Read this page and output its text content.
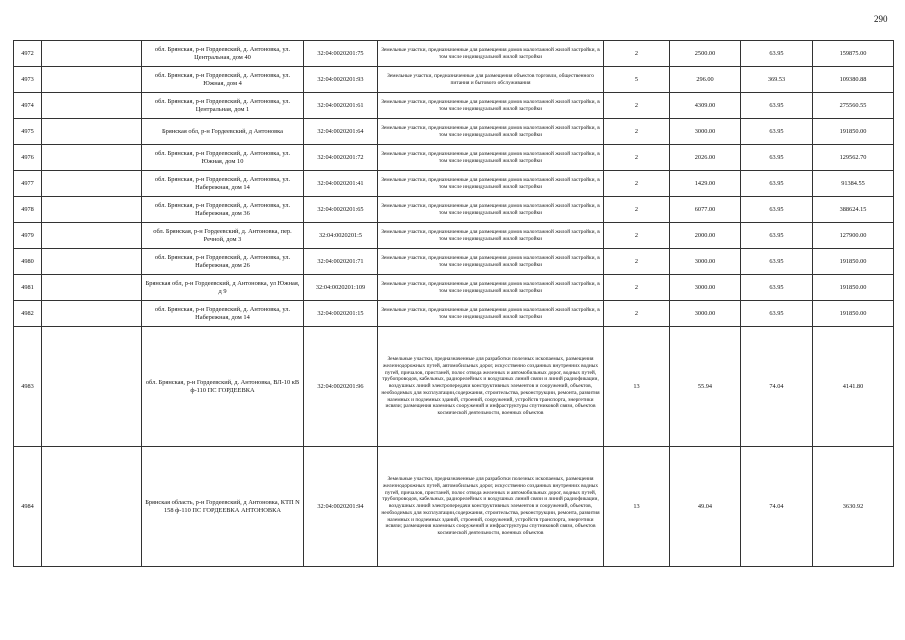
290
4972		обл. Брянская, р-н Гордеевский, д. Антоновка, ул. Центральная, дом 40	32:04:0020201:75	Земельные участки, предназначенные для размещения домов малоэтажной жилой застройки, в том числе индивидуальной жилой застройки	2	2500.00	63.95	159875.00
4973		обл. Брянская, р-н Гордеевский, д. Антоновка, ул. Южная, дом 4	32:04:0020201:93	Земельные участки, предназначенные для размещения объектов торговли, общественного питания и бытового обслуживания	5	296.00	369.53	109380.88
4974		обл. Брянская, р-н Гордеевский, д. Антоновка, ул. Центральная, дом 1	32:04:0020201:61	Земельные участки, предназначенные для размещения домов малоэтажной жилой застройки, в том числе индивидуальной жилой застройки	2	4309.00	63.95	275560.55
4975		Брянская обл, р-н Гордеевский, д Антоновка	32:04:0020201:64	Земельные участки, предназначенные для размещения домов малоэтажной жилой застройки, в том числе индивидуальной жилой застройки	2	3000.00	63.95	191850.00
4976		обл. Брянская, р-н Гордеевский, д. Антоновка, ул. Южная, дом 10	32:04:0020201:72	Земельные участки, предназначенные для размещения домов малоэтажной жилой застройки, в том числе индивидуальной жилой застройки	2	2026.00	63.95	129562.70
4977		обл. Брянская, р-н Гордеевский, д. Антоновка, ул. Набережная, дом 14	32:04:0020201:41	Земельные участки, предназначенные для размещения домов малоэтажной жилой застройки, в том числе индивидуальной жилой застройки	2	1429.00	63.95	91384.55
4978		обл. Брянская, р-н Гордеевский, д. Антоновка, ул. Набережная, дом 36	32:04:0020201:65	Земельные участки, предназначенные для размещения домов малоэтажной жилой застройки, в том числе индивидуальной жилой застройки	2	6077.00	63.95	388624.15
4979		обл. Брянская, р-н Гордеевский, д. Антоновка, пер. Речной, дом 3	32:04:0020201:5	Земельные участки, предназначенные для размещения домов малоэтажной жилой застройки, в том числе индивидуальной жилой застройки	2	2000.00	63.95	127900.00
4980		обл. Брянская, р-н Гордеевский, д. Антоновка, ул. Набережная, дом 26	32:04:0020201:71	Земельные участки, предназначенные для размещения домов малоэтажной жилой застройки, в том числе индивидуальной жилой застройки	2	3000.00	63.95	191850.00
4981		Брянская обл, р-н Гордеевский, д Антоновка, ул Южная, д 9	32:04:0020201:109	Земельные участки, предназначенные для размещения домов малоэтажной жилой застройки, в том числе индивидуальной жилой застройки	2	3000.00	63.95	191850.00
4982		обл. Брянская, р-н Гордеевский, д. Антоновка, ул. Набережная, дом 14	32:04:0020201:15	Земельные участки, предназначенные для размещения домов малоэтажной жилой застройки, в том числе индивидуальной жилой застройки	2	3000.00	63.95	191850.00
4983		обл. Брянская, р-н Гордеевский, д. Антоновка, ВЛ-10 кВ ф-110 ПС ГОРДЕЕВКА	32:04:0020201:96	Земельные участки, предназначенные для разработки полезных ископаемых, размещения железнодорожных путей, автомобильных дорог, искусственно созданных внутренних водных путей, причалов, пристаней, полос отвода железных и автомобильных дорог, водных путей, трубопроводов, кабельных, радиорелейных и воздушных линий связи и линий радиофикации, воздушных линий электропередачи конструктивных элементов и сооружений, объектов, необходимых для эксплуатации,содержания, строительства, реконструкции, ремонта, развития наземных и подземных зданий, строений, сооружений, устройств транспорта, энергетики исвязи; размещения наземных сооружений и инфраструктуры спутниковой связи, объектов космической деятельности, военных объектов	13	55.94	74.04	4141.80
4984		Брянская область, р-н Гордеевский, д Антоновка, КТП N 158 ф-110 ПС ГОРДЕЕВКА АНТОНОВКА	32:04:0020201:94	Земельные участки, предназначенные для разработки полезных ископаемых, размещения железнодорожных путей, автомобильных дорог, искусственно созданных внутренних водных путей, причалов, пристаней, полос отвода железных и автомобильных дорог, водных путей, трубопроводов, кабельных, радиорелейных и воздушных линий связи и линий радиофикации, воздушных линий электропередачи конструктивных элементов и сооружений, объектов, необходимых для эксплуатации,содержания, строительства, реконструкции, ремонта, развития наземных и подземных зданий, строений, сооружений, устройств транспорта, энергетики исвязи; размещения наземных сооружений и инфраструктуры спутниковой связи, объектов космической деятельности, военных объектов	13	49.04	74.04	3630.92
